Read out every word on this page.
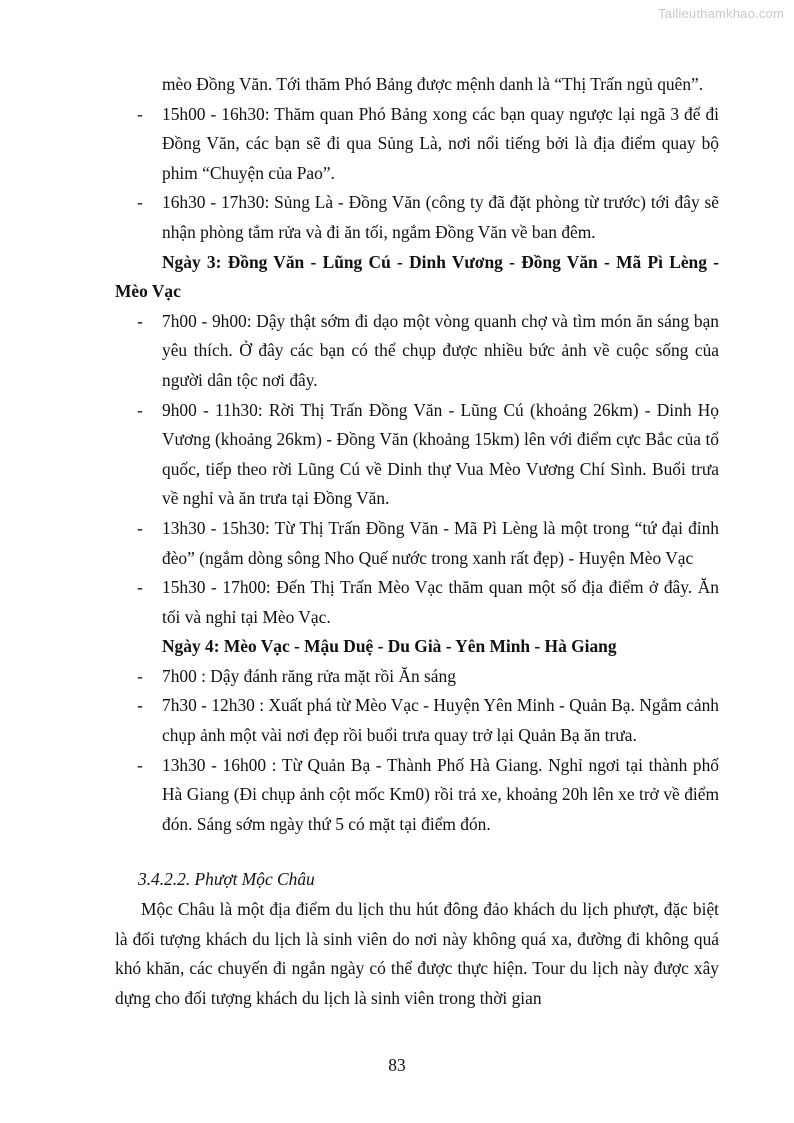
Tailieuthamkhao.com

mèo Đồng Văn. Tới thăm Phó Bảng được mệnh danh là “Thị Trấn ngủ quên”.

- 15h00 - 16h30: Thăm quan Phó Bảng xong các bạn quay ngược lại ngã 3 để đi Đồng Văn, các bạn sẽ đi qua Sủng Là, nơi nổi tiếng bởi là địa điểm quay bộ phim “Chuyện của Pao”.

- 16h30 - 17h30: Sủng Là - Đồng Văn (công ty đã đặt phòng từ trước) tới đây sẽ nhận phòng tắm rửa và đi ăn tối, ngắm Đồng Văn về ban đêm.

Ngày 3: Đồng Văn - Lũng Cú - Dinh Vương - Đồng Văn - Mã Pì Lèng - Mèo Vạc

- 7h00 - 9h00: Dậy thật sớm đi dạo một vòng quanh chợ và tìm món ăn sáng bạn yêu thích. Ở đây các bạn có thể chụp được nhiều bức ảnh về cuộc sống của người dân tộc nơi đây.

- 9h00 - 11h30: Rời Thị Trấn Đồng Văn - Lũng Cú (khoảng 26km) - Dinh Họ Vương (khoảng 26km) - Đồng Văn (khoảng 15km) lên với điểm cực Bắc của tổ quốc, tiếp theo rời Lũng Cú về Dinh thự Vua Mèo Vương Chí Sình. Buổi trưa về nghỉ và ăn trưa tại Đồng Văn.

- 13h30 - 15h30: Từ Thị Trấn Đồng Văn - Mã Pì Lèng là một trong “tứ đại đỉnh đèo” (ngắm dòng sông Nho Quế nước trong xanh rất đẹp) - Huyện Mèo Vạc

- 15h30 - 17h00: Đến Thị Trấn Mèo Vạc thăm quan một số địa điểm ở đây. Ăn tối và nghỉ tại Mèo Vạc.

Ngày 4: Mèo Vạc - Mậu Duệ - Du Già - Yên Minh - Hà Giang

- 7h00 : Dậy đánh răng rửa mặt rồi Ăn sáng

- 7h30 - 12h30 : Xuất phá từ Mèo Vạc - Huyện Yên Minh - Quản Bạ. Ngắm cảnh chụp ảnh một vài nơi đẹp rồi buổi trưa quay trở lại Quản Bạ ăn trưa.

- 13h30 - 16h00 : Từ Quản Bạ - Thành Phố Hà Giang. Nghỉ ngơi tại thành phố Hà Giang (Đi chụp ảnh cột mốc Km0) rồi trả xe, khoảng 20h lên xe trở về điểm đón. Sáng sớm ngày thứ 5 có mặt tại điểm đón.

3.4.2.2. Phượt Mộc Châu

Mộc Châu là một địa điểm du lịch thu hút đông đảo khách du lịch phượt, đặc biệt là đối tượng khách du lịch là sinh viên do nơi này không quá xa, đường đi không quá khó khăn, các chuyến đi ngắn ngày có thể được thực hiện. Tour du lịch này được xây dựng cho đối tượng khách du lịch là sinh viên trong thời gian

83
